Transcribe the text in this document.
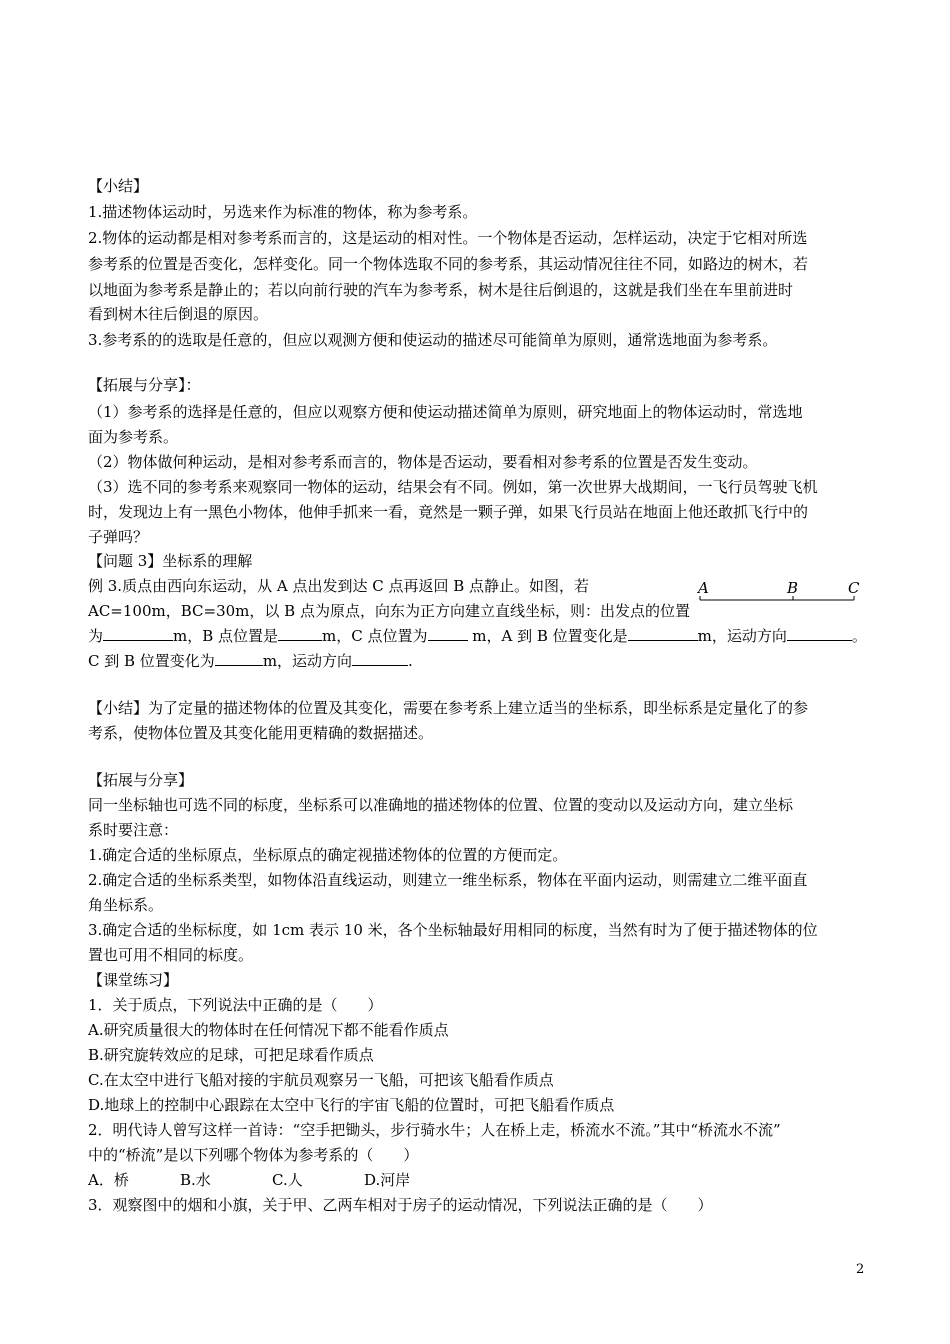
【小结】
1.描述物体运动时，另选来作为标准的物体，称为参考系。
2.物体的运动都是相对参考系而言的，这是运动的相对性。一个物体是否运动，怎样运动，决定于它相对所选
参考系的位置是否变化，怎样变化。同一个物体选取不同的参考系，其运动情况往往不同，如路边的树木，若
以地面为参考系是静止的；若以向前行驶的汽车为参考系，树木是往后倒退的，这就是我们坐在车里前进时
看到树木往后倒退的原因。
3.参考系的的选取是任意的，但应以观测方便和使运动的描述尽可能简单为原则，通常选地面为参考系。
【拓展与分享】：
（1）参考系的选择是任意的，但应以观察方便和使运动描述简单为原则，研究地面上的物体运动时，常选地
面为参考系。
（2）物体做何种运动，是相对参考系而言的，物体是否运动，要看相对参考系的位置是否发生变动。
（3）选不同的参考系来观察同一物体的运动，结果会有不同。例如，第一次世界大战期间，一飞行员驾驶飞机
时，发现边上有一黑色小物体，他伸手抓来一看，竟然是一颗子弹，如果飞行员站在地面上他还敢抓飞行中的
子弹吗？
【问题 3】坐标系的理解
例 3.质点由西向东运动，从 A 点出发到达 C 点再返回 B 点静止。如图，若
AC=100m，BC=30m，以 B 点为原点，向东为正方向建立直线坐标，则：出发点的位置
为	m，B 点位置是	m，C 点位置为	m，A 到 B 位置变化是	m，运动方向	。
C 到 B 位置变化为	m，运动方向	.
A	B	C
【小结】为了定量的描述物体的位置及其变化，需要在参考系上建立适当的坐标系，即坐标系是定量化了的参
考系，使物体位置及其变化能用更精确的数据描述。
【拓展与分享】
同一坐标轴也可选不同的标度，坐标系可以准确地的描述物体的位置、位置的变动以及运动方向，建立坐标
系时要注意：
1.确定合适的坐标原点，坐标原点的确定视描述物体的位置的方便而定。
2.确定合适的坐标系类型，如物体沿直线运动，则建立一维坐标系，物体在平面内运动，则需建立二维平面直
角坐标系。
3.确定合适的坐标标度，如 1cm 表示 10 米，各个坐标轴最好用相同的标度，当然有时为了便于描述物体的位
置也可用不相同的标度。
【课堂练习】
1．关于质点，下列说法中正确的是（　　）
A.研究质量很大的物体时在任何情况下都不能看作质点
B.研究旋转效应的足球，可把足球看作质点
C.在太空中进行飞船对接的宇航员观察另一飞船，可把该飞船看作质点
D.地球上的控制中心跟踪在太空中飞行的宇宙飞船的位置时，可把飞船看作质点
2．明代诗人曾写这样一首诗：“空手把锄头，步行骑水牛；人在桥上走，桥流水不流。”其中“桥流水不流”
中的“桥流”是以下列哪个物体为参考系的（　　）
A．桥	B.水	C.人	D.河岸
3．观察图中的烟和小旗，关于甲、乙两车相对于房子的运动情况，下列说法正确的是（　　）
2
